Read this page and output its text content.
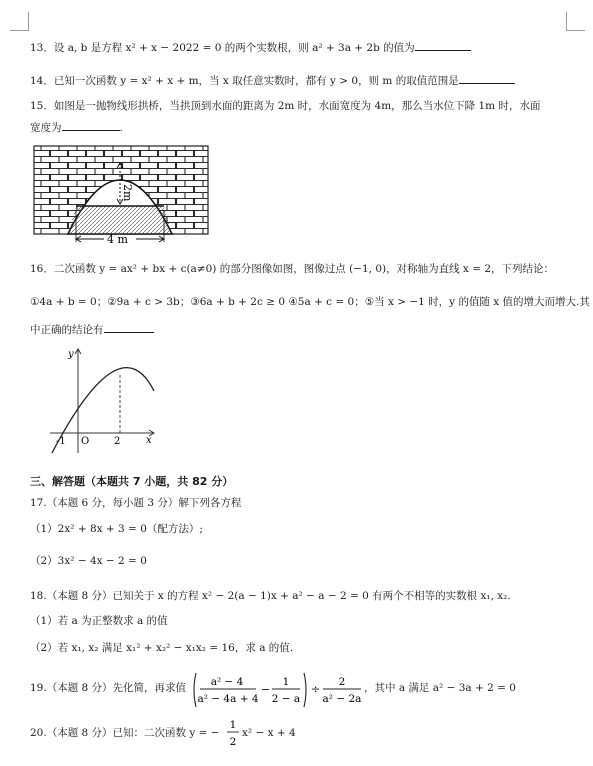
13．设 a, b 是方程 x² + x − 2022 = 0 的两个实数根，则 a² + 3a + 2b 的值为
14．已知一次函数 y = x² + x + m，当 x 取任意实数时，都有 y > 0，则 m 的取值范围是
15．如图是一抛物线形拱桥，当拱顶到水面的距离为 2m 时，水面宽度为 4m，那么当水位下降 1m 时，水面
宽度为	.
2m
4 m
16．二次函数 y = ax² + bx + c(a≠0) 的部分图像如图，图像过点 (−1, 0)，对称轴为直线 x = 2，下列结论：
①4a + b = 0；②9a + c > 3b；③6a + b + 2c ≥ 0 ④5a + c = 0；⑤当 x > −1 时，y 的值随 x 值的增大而增大.其
中正确的结论有
y
x
O
-1	2
三、解答题（本题共 7 小题，共 82 分）
17.（本题 6 分，每小题 3 分）解下列各方程
（1）2x² + 8x + 3 = 0（配方法）;
（2）3x² − 4x − 2 = 0
18.（本题 8 分）已知关于 x 的方程 x² − 2(a − 1)x + a² − a − 2 = 0 有两个不相等的实数根 x₁, x₂.
（1）若 a 为正整数求 a 的值
（2）若 x₁, x₂ 满足 x₁² + x₂² − x₁x₂ = 16，求 a 的值.
19.（本题 8 分）先化简，再求值 a² − 4
a² − 4a + 4
−
1
2 − a
÷
2
a² − 2a
，其中 a 满足 a² − 3a + 2 = 0
20.（本题 8 分）已知：二次函数 y = −
1
2
x² − x + 4
